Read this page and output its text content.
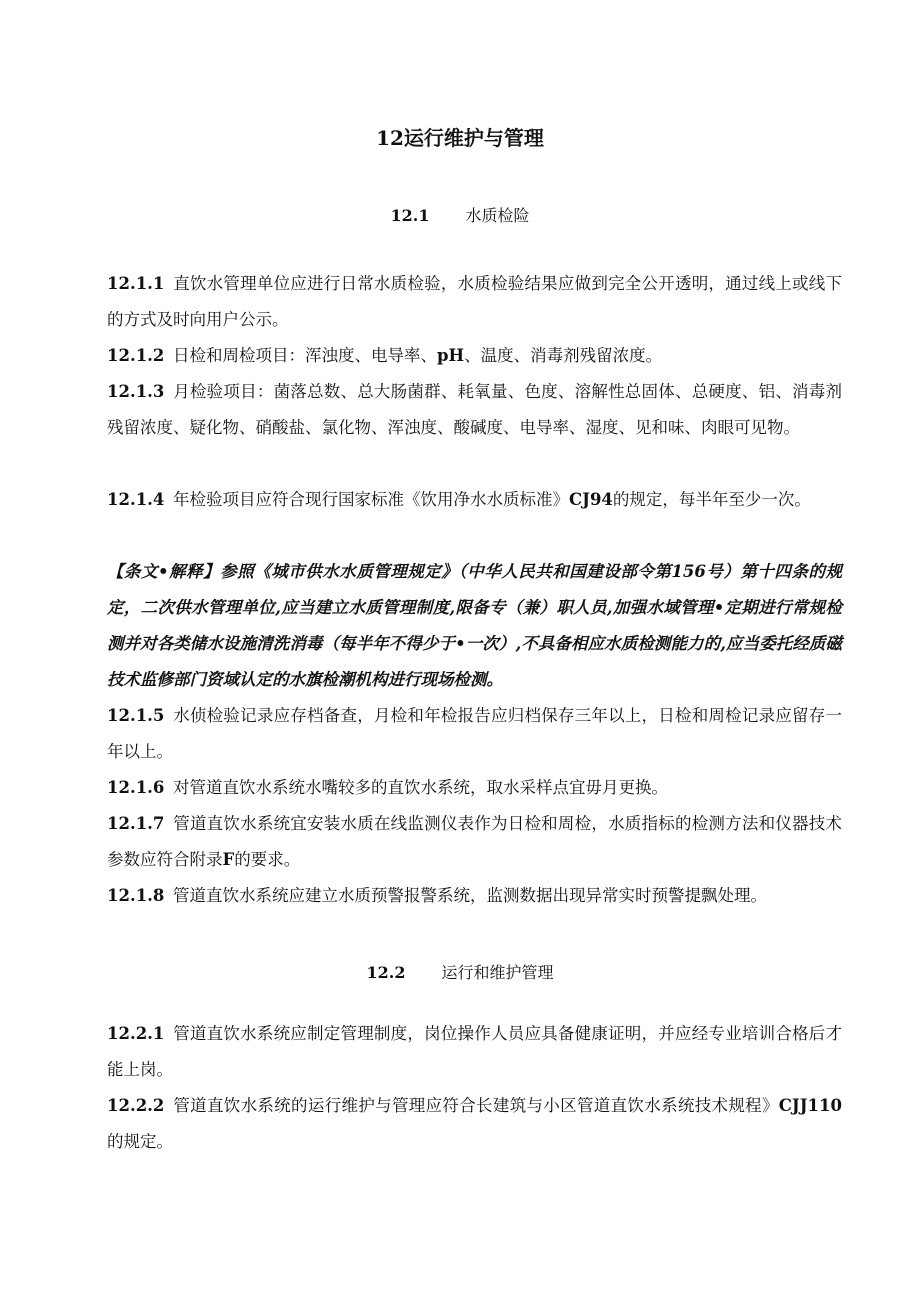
12运行维护与管理
12.1 水质检险
12.1.1 直饮水管理单位应进行日常水质检验，水质检验结果应做到完全公开透明，通过线上或线下的方式及时向用户公示。
12.1.2 日检和周检项目：浑浊度、电导率、pH、温度、消毒剂残留浓度。
12.1.3 月检验项目：菌落总数、总大肠菌群、耗氧量、色度、溶解性总固体、总硬度、铝、消毒剂残留浓度、疑化物、硝酸盐、氯化物、浑浊度、酸碱度、电导率、湿度、见和味、肉眼可见物。
12.1.4 年检验项目应符合现行国家标准《饮用净水水质标准》CJ94的规定，每半年至少一次。
【条文•解释】参照《城市供水水质管理规定》（中华人民共和国建设部令第156号）第十四条的规定，二次供水管理单位,应当建立水质管理制度,限备专（兼）职人员,加强水域管理•定期进行常规检测并对各类储水设施清洗消毒（每半年不得少于•一次）,不具备相应水质检测能力的,应当委托经质磁技术监修部门资域认定的水旗检潮机构进行现场检测。
12.1.5 水侦检验记录应存档备查，月检和年检报告应归档保存三年以上，日检和周检记录应留存一年以上。
12.1.6 对管道直饮水系统水嘴较多的直饮水系统，取水采样点宜毋月更换。
12.1.7 管道直饮水系统宜安装水质在线监测仪表作为日检和周检，水质指标的检测方法和仪器技术参数应符合附录F的要求。
12.1.8 管道直饮水系统应建立水质预警报警系统，监测数据出现异常实时预警提飘处理。
12.2 运行和维护管理
12.2.1 管道直饮水系统应制定管理制度，岗位操作人员应具备健康证明，并应经专业培训合格后才能上岗。
12.2.2 管道直饮水系统的运行维护与管理应符合长建筑与小区管道直饮水系统技术规程》CJJ110的规定。
